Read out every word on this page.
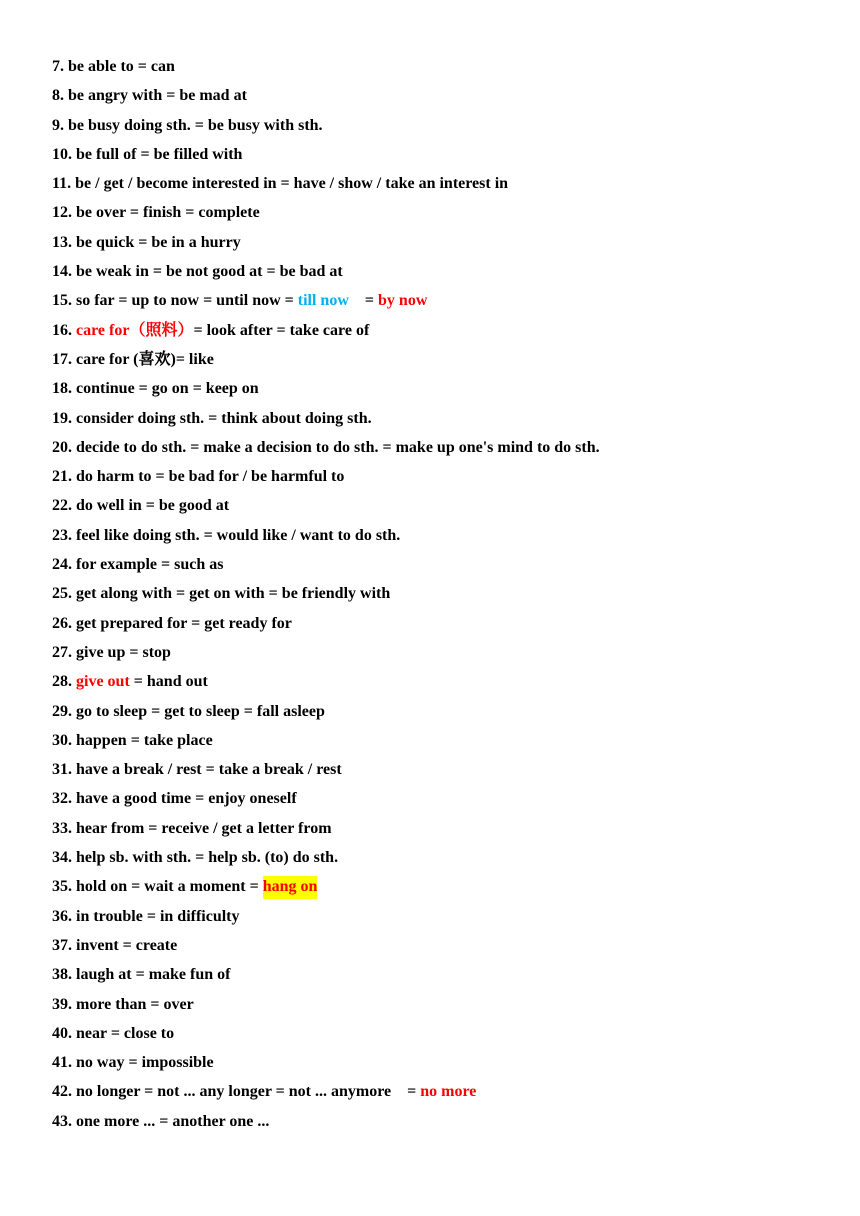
7. be able to = can
8. be angry with = be mad at
9. be busy doing sth. = be busy with sth.
10. be full of = be filled with
11. be / get / become interested in = have / show / take an interest in
12. be over = finish = complete
13. be quick = be in a hurry
14. be weak in = be not good at = be bad at
15. so far = up to now = until now = till now    = by now
16. care for（照料）= look after = take care of
17. care for (喜欢)= like
18. continue = go on = keep on
19. consider doing sth. = think about doing sth.
20. decide to do sth. = make a decision to do sth. = make up one's mind to do sth.
21. do harm to = be bad for / be harmful to
22. do well in = be good at
23. feel like doing sth. = would like / want to do sth.
24. for example = such as
25. get along with = get on with = be friendly with
26. get prepared for = get ready for
27. give up = stop
28. give out = hand out
29. go to sleep = get to sleep = fall asleep
30. happen = take place
31. have a break / rest = take a break / rest
32. have a good time = enjoy oneself
33. hear from = receive / get a letter from
34. help sb. with sth. = help sb. (to) do sth.
35. hold on = wait a moment = hang on
36. in trouble = in difficulty
37. invent = create
38. laugh at = make fun of
39. more than = over
40. near = close to
41. no way = impossible
42. no longer = not ... any longer = not ... anymore    = no more
43. one more ... = another one ...
